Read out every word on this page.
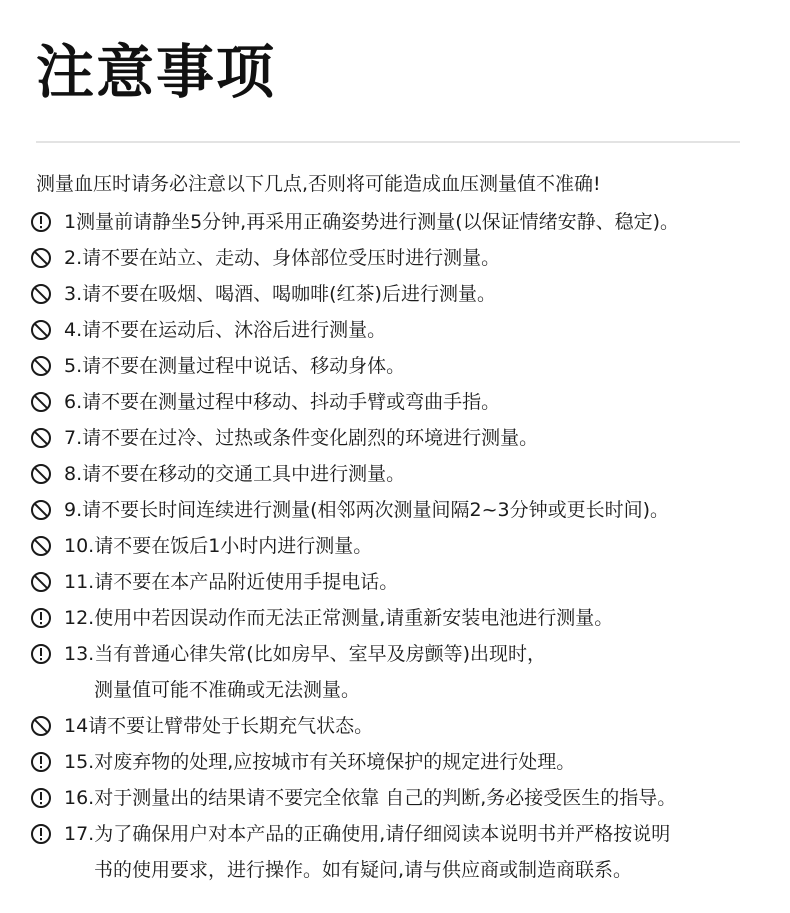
注意事项
测量血压时请务必注意以下几点,否则将可能造成血压测量值不准确!
1测量前请静坐5分钟,再采用正确姿势进行测量(以保证情绪安静、稳定)。
2.请不要在站立、走动、身体部位受压时进行测量。
3.请不要在吸烟、喝酒、喝咖啡(红茶)后进行测量。
4.请不要在运动后、沐浴后进行测量。
5.请不要在测量过程中说话、移动身体。
6.请不要在测量过程中移动、抖动手臂或弯曲手指。
7.请不要在过冷、过热或条件变化剧烈的环境进行测量。
8.请不要在移动的交通工具中进行测量。
9.请不要长时间连续进行测量(相邻两次测量间隔2~3分钟或更长时间)。
10.请不要在饭后1小时内进行测量。
11.请不要在本产品附近使用手提电话。
12.使用中若因误动作而无法正常测量,请重新安装电池进行测量。
13.当有普通心律失常(比如房早、室早及房颤等)出现时，
测量值可能不准确或无法测量。
14请不要让臂带处于长期充气状态。
15.对废弃物的处理,应按城市有关环境保护的规定进行处理。
16.对于测量出的结果请不要完全依靠 自己的判断,务必接受医生的指导。
17.为了确保用户对本产品的正确使用,请仔细阅读本说明书并严格按说明
书的使用要求，进行操作。如有疑问,请与供应商或制造商联系。
